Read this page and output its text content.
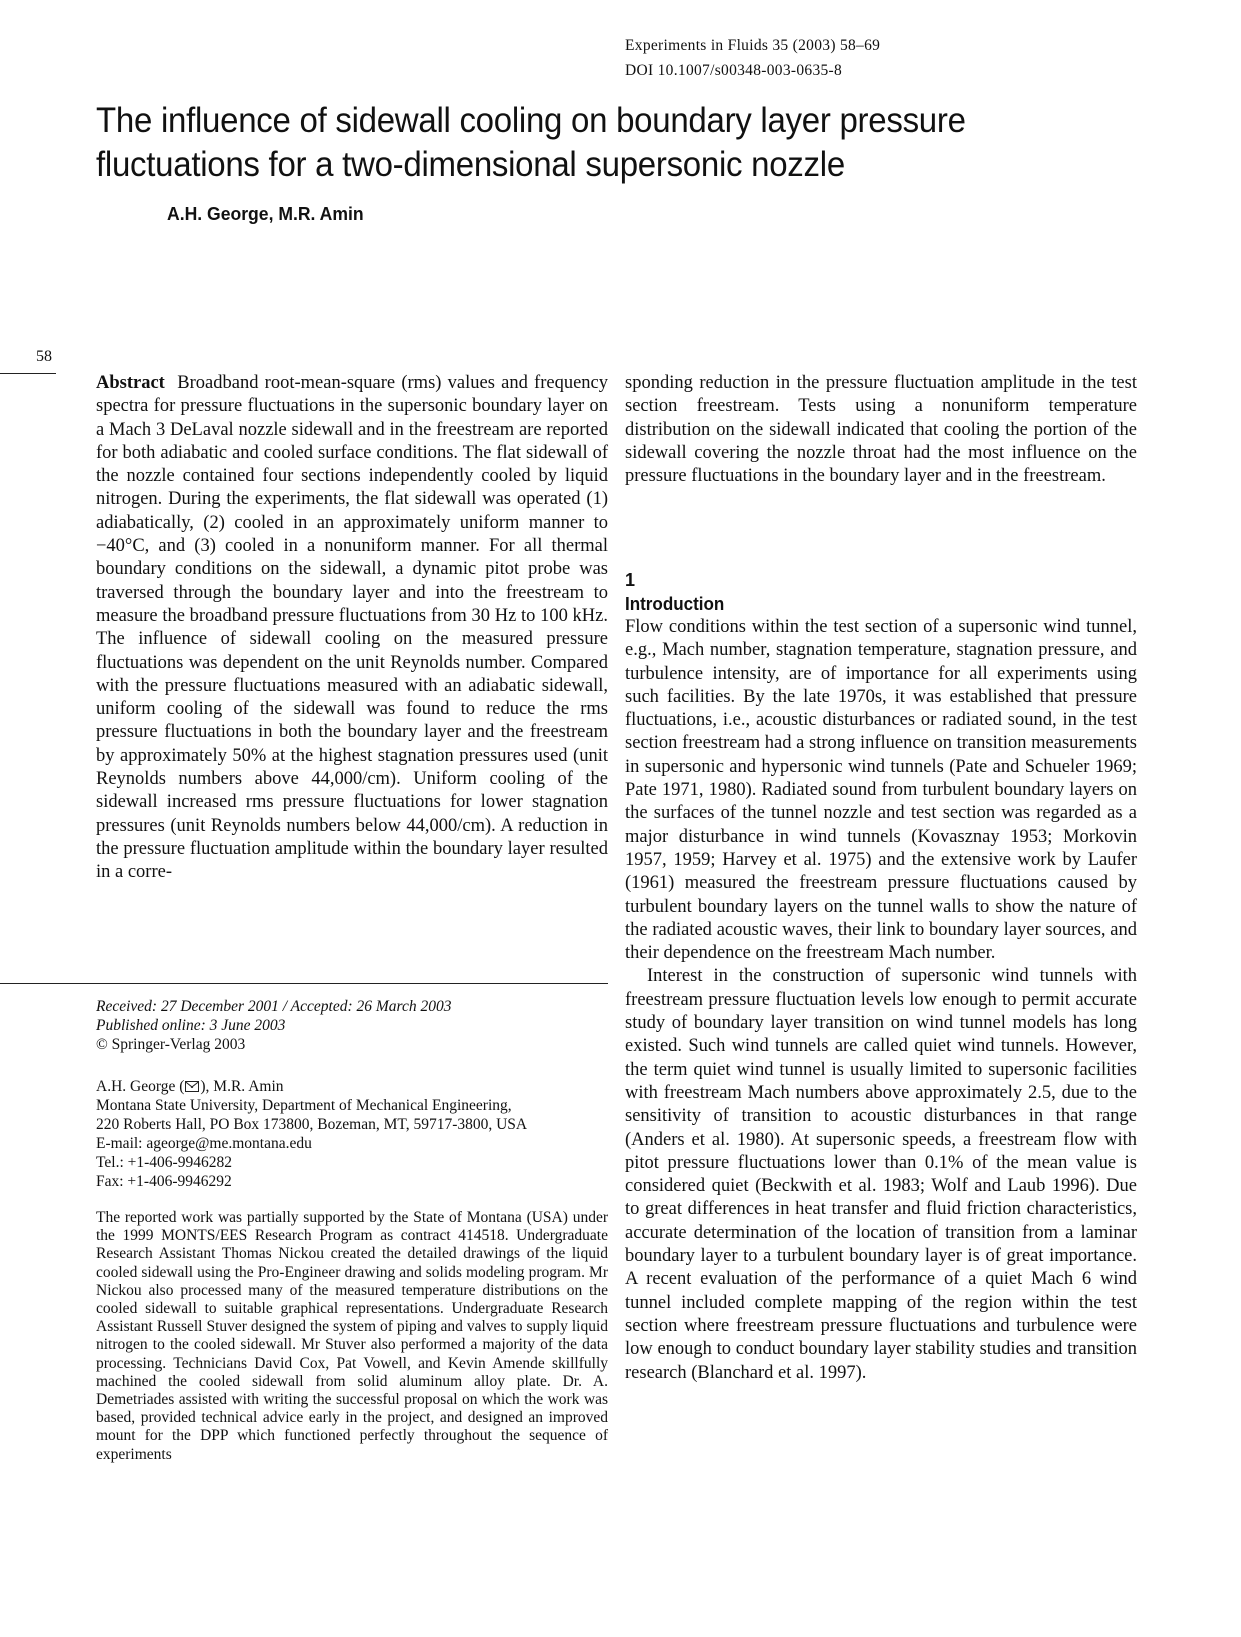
Experiments in Fluids 35 (2003) 58–69
DOI 10.1007/s00348-003-0635-8
The influence of sidewall cooling on boundary layer pressure fluctuations for a two-dimensional supersonic nozzle
A.H. George, M.R. Amin
58
Abstract Broadband root-mean-square (rms) values and frequency spectra for pressure fluctuations in the supersonic boundary layer on a Mach 3 DeLaval nozzle sidewall and in the freestream are reported for both adiabatic and cooled surface conditions. The flat sidewall of the nozzle contained four sections independently cooled by liquid nitrogen. During the experiments, the flat sidewall was operated (1) adiabatically, (2) cooled in an approximately uniform manner to −40°C, and (3) cooled in a nonuniform manner. For all thermal boundary conditions on the sidewall, a dynamic pitot probe was traversed through the boundary layer and into the freestream to measure the broadband pressure fluctuations from 30 Hz to 100 kHz. The influence of sidewall cooling on the measured pressure fluctuations was dependent on the unit Reynolds number. Compared with the pressure fluctuations measured with an adiabatic sidewall, uniform cooling of the sidewall was found to reduce the rms pressure fluctuations in both the boundary layer and the freestream by approximately 50% at the highest stagnation pressures used (unit Reynolds numbers above 44,000/cm). Uniform cooling of the sidewall increased rms pressure fluctuations for lower stagnation pressures (unit Reynolds numbers below 44,000/cm). A reduction in the pressure fluctuation amplitude within the boundary layer resulted in a corre-
sponding reduction in the pressure fluctuation amplitude in the test section freestream. Tests using a nonuniform temperature distribution on the sidewall indicated that cooling the portion of the sidewall covering the nozzle throat had the most influence on the pressure fluctuations in the boundary layer and in the freestream.
Received: 27 December 2001 / Accepted: 26 March 2003
Published online: 3 June 2003
© Springer-Verlag 2003
A.H. George ( ), M.R. Amin
Montana State University, Department of Mechanical Engineering,
220 Roberts Hall, PO Box 173800, Bozeman, MT, 59717-3800, USA
E-mail: ageorge@me.montana.edu
Tel.: +1-406-9946282
Fax: +1-406-9946292
The reported work was partially supported by the State of Montana (USA) under the 1999 MONTS/EES Research Program as contract 414518. Undergraduate Research Assistant Thomas Nickou created the detailed drawings of the liquid cooled sidewall using the Pro-Engineer drawing and solids modeling program. Mr Nickou also processed many of the measured temperature distributions on the cooled sidewall to suitable graphical representations. Undergraduate Research Assistant Russell Stuver designed the system of piping and valves to supply liquid nitrogen to the cooled sidewall. Mr Stuver also performed a majority of the data processing. Technicians David Cox, Pat Vowell, and Kevin Amende skillfully machined the cooled sidewall from solid aluminum alloy plate. Dr. A. Demetriades assisted with writing the successful proposal on which the work was based, provided technical advice early in the project, and designed an improved mount for the DPP which functioned perfectly throughout the sequence of experiments
1
Introduction

Flow conditions within the test section of a supersonic wind tunnel, e.g., Mach number, stagnation temperature, stagnation pressure, and turbulence intensity, are of importance for all experiments using such facilities. By the late 1970s, it was established that pressure fluctuations, i.e., acoustic disturbances or radiated sound, in the test section freestream had a strong influence on transition measurements in supersonic and hypersonic wind tunnels (Pate and Schueler 1969; Pate 1971, 1980). Radiated sound from turbulent boundary layers on the surfaces of the tunnel nozzle and test section was regarded as a major disturbance in wind tunnels (Kovasznay 1953; Morkovin 1957, 1959; Harvey et al. 1975) and the extensive work by Laufer (1961) measured the freestream pressure fluctuations caused by turbulent boundary layers on the tunnel walls to show the nature of the radiated acoustic waves, their link to boundary layer sources, and their dependence on the freestream Mach number.

Interest in the construction of supersonic wind tunnels with freestream pressure fluctuation levels low enough to permit accurate study of boundary layer transition on wind tunnel models has long existed. Such wind tunnels are called quiet wind tunnels. However, the term quiet wind tunnel is usually limited to supersonic facilities with freestream Mach numbers above approximately 2.5, due to the sensitivity of transition to acoustic disturbances in that range (Anders et al. 1980). At supersonic speeds, a freestream flow with pitot pressure fluctuations lower than 0.1% of the mean value is considered quiet (Beckwith et al. 1983; Wolf and Laub 1996). Due to great differences in heat transfer and fluid friction characteristics, accurate determination of the location of transition from a laminar boundary layer to a turbulent boundary layer is of great importance. A recent evaluation of the performance of a quiet Mach 6 wind tunnel included complete mapping of the region within the test section where freestream pressure fluctuations and turbulence were low enough to conduct boundary layer stability studies and transition research (Blanchard et al. 1997).
